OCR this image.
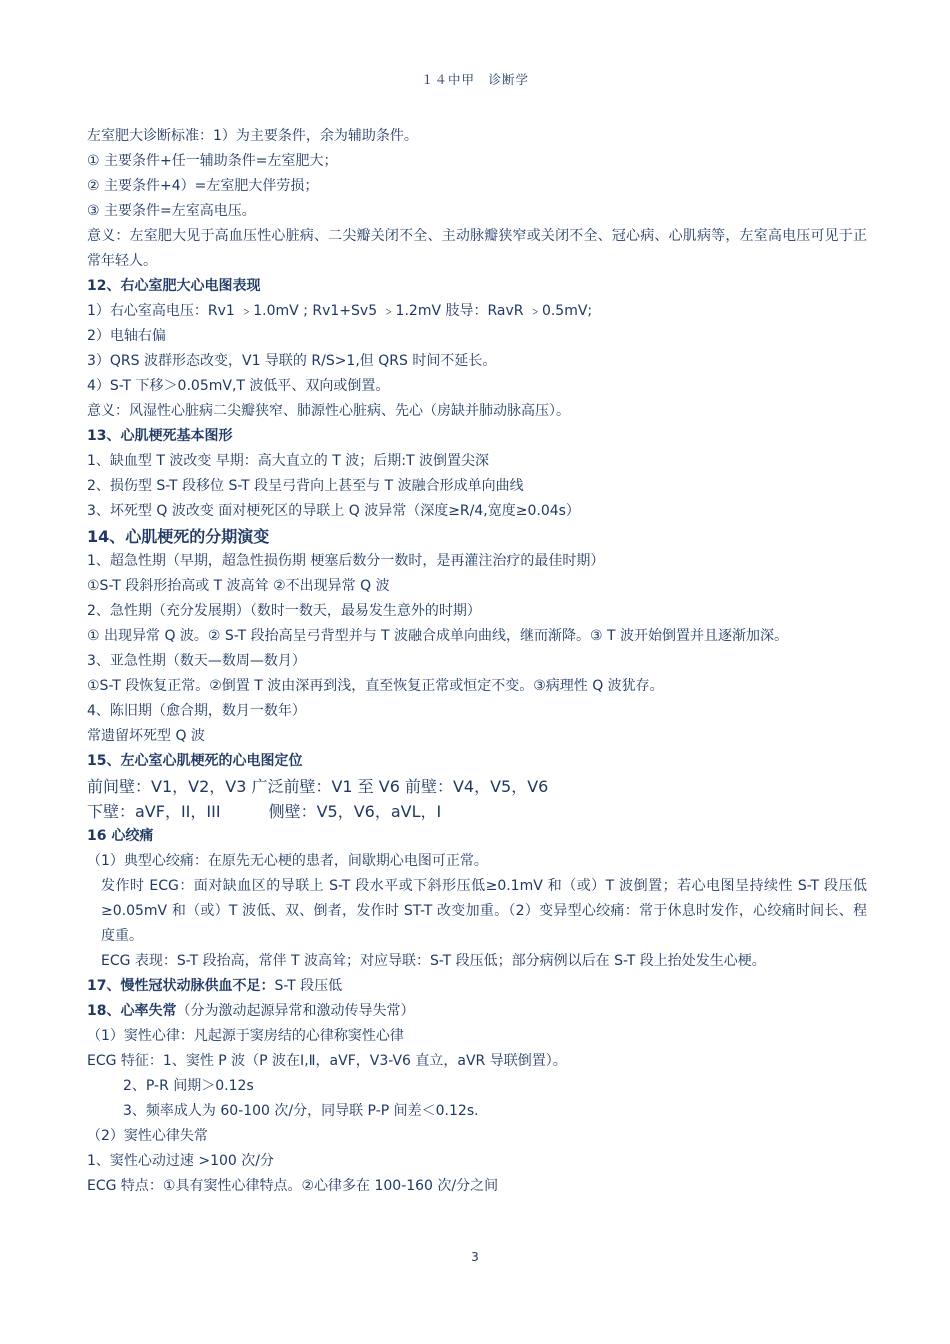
１４中甲　诊断学
左室肥大诊断标准：1）为主要条件，余为辅助条件。
① 主要条件+任一辅助条件=左室肥大；
② 主要条件+4）=左室肥大伴劳损；
③ 主要条件=左室高电压。
意义：左室肥大见于高血压性心脏病、二尖瓣关闭不全、主动脉瓣狭窄或关闭不全、冠心病、心肌病等，左室高电压可见于正常年轻人。
12、右心室肥大心电图表现
1）右心室高电压：Rv1 ﹥1.0mV ; Rv1+Sv5 ﹥1.2mV 肢导：RavR ﹥0.5mV;
2）电轴右偏
3）QRS 波群形态改变，V1 导联的 R/S>1,但 QRS 时间不延长。
4）S-T 下移＞0.05mV,T 波低平、双向或倒置。
意义：风湿性心脏病二尖瓣狭窄、肺源性心脏病、先心（房缺并肺动脉高压）。
13、心肌梗死基本图形
1、缺血型 T 波改变 早期：高大直立的 T 波；后期:T 波倒置尖深
2、损伤型 S-T 段移位 S-T 段呈弓背向上甚至与 T 波融合形成单向曲线
3、坏死型 Q 波改变 面对梗死区的导联上 Q 波异常（深度≥R/4,宽度≥0.04s）
14、心肌梗死的分期演变
1、超急性期（早期，超急性损伤期 梗塞后数分一数时，是再灌注治疗的最佳时期）
①S-T 段斜形抬高或 T 波高耸 ②不出现异常 Q 波
2、急性期（充分发展期）（数时一数天，最易发生意外的时期）
① 出现异常 Q 波。② S-T 段抬高呈弓背型并与 T 波融合成单向曲线，继而渐降。③ T 波开始倒置并且逐渐加深。
3、亚急性期（数天—数周—数月）
①S-T 段恢复正常。②倒置 T 波由深再到浅，直至恢复正常或恒定不变。③病理性 Q 波犹存。
4、陈旧期（愈合期，数月一数年）
常遗留坏死型 Q 波
15、左心室心肌梗死的心电图定位
前间壁：V1，V2，V3 广泛前壁：V1 至 V6 前壁：V4，V5，V6
下壁：aVF，II，III	侧壁：V5，V6，aVL，I
16 心绞痛
（1）典型心绞痛：在原先无心梗的患者，间歇期心电图可正常。
发作时 ECG：面对缺血区的导联上 S-T 段水平或下斜形压低≥0.1mV 和（或）T 波倒置；若心电图呈持续性 S-T 段压低≥0.05mV 和（或）T 波低、双、倒者，发作时 ST-T 改变加重。（2）变异型心绞痛：常于休息时发作，心绞痛时间长、程度重。
ECG 表现：S-T 段抬高，常伴 T 波高耸；对应导联：S-T 段压低；部分病例以后在 S-T 段上抬处发生心梗。
17、慢性冠状动脉供血不足：S-T 段压低
18、心率失常（分为激动起源异常和激动传导失常）
（1）窦性心律：凡起源于窦房结的心律称窦性心律
ECG 特征：1、窦性 P 波（P 波在Ⅰ,Ⅱ，aVF，V3-V6 直立，aVR 导联倒置）。
2、P-R 间期＞0.12s
3、频率成人为 60-100 次/分，同导联 P-P 间差＜0.12s.
（2）窦性心律失常
1、窦性心动过速 >100 次/分
ECG 特点：①具有窦性心律特点。②心律多在 100-160 次/分之间
3
